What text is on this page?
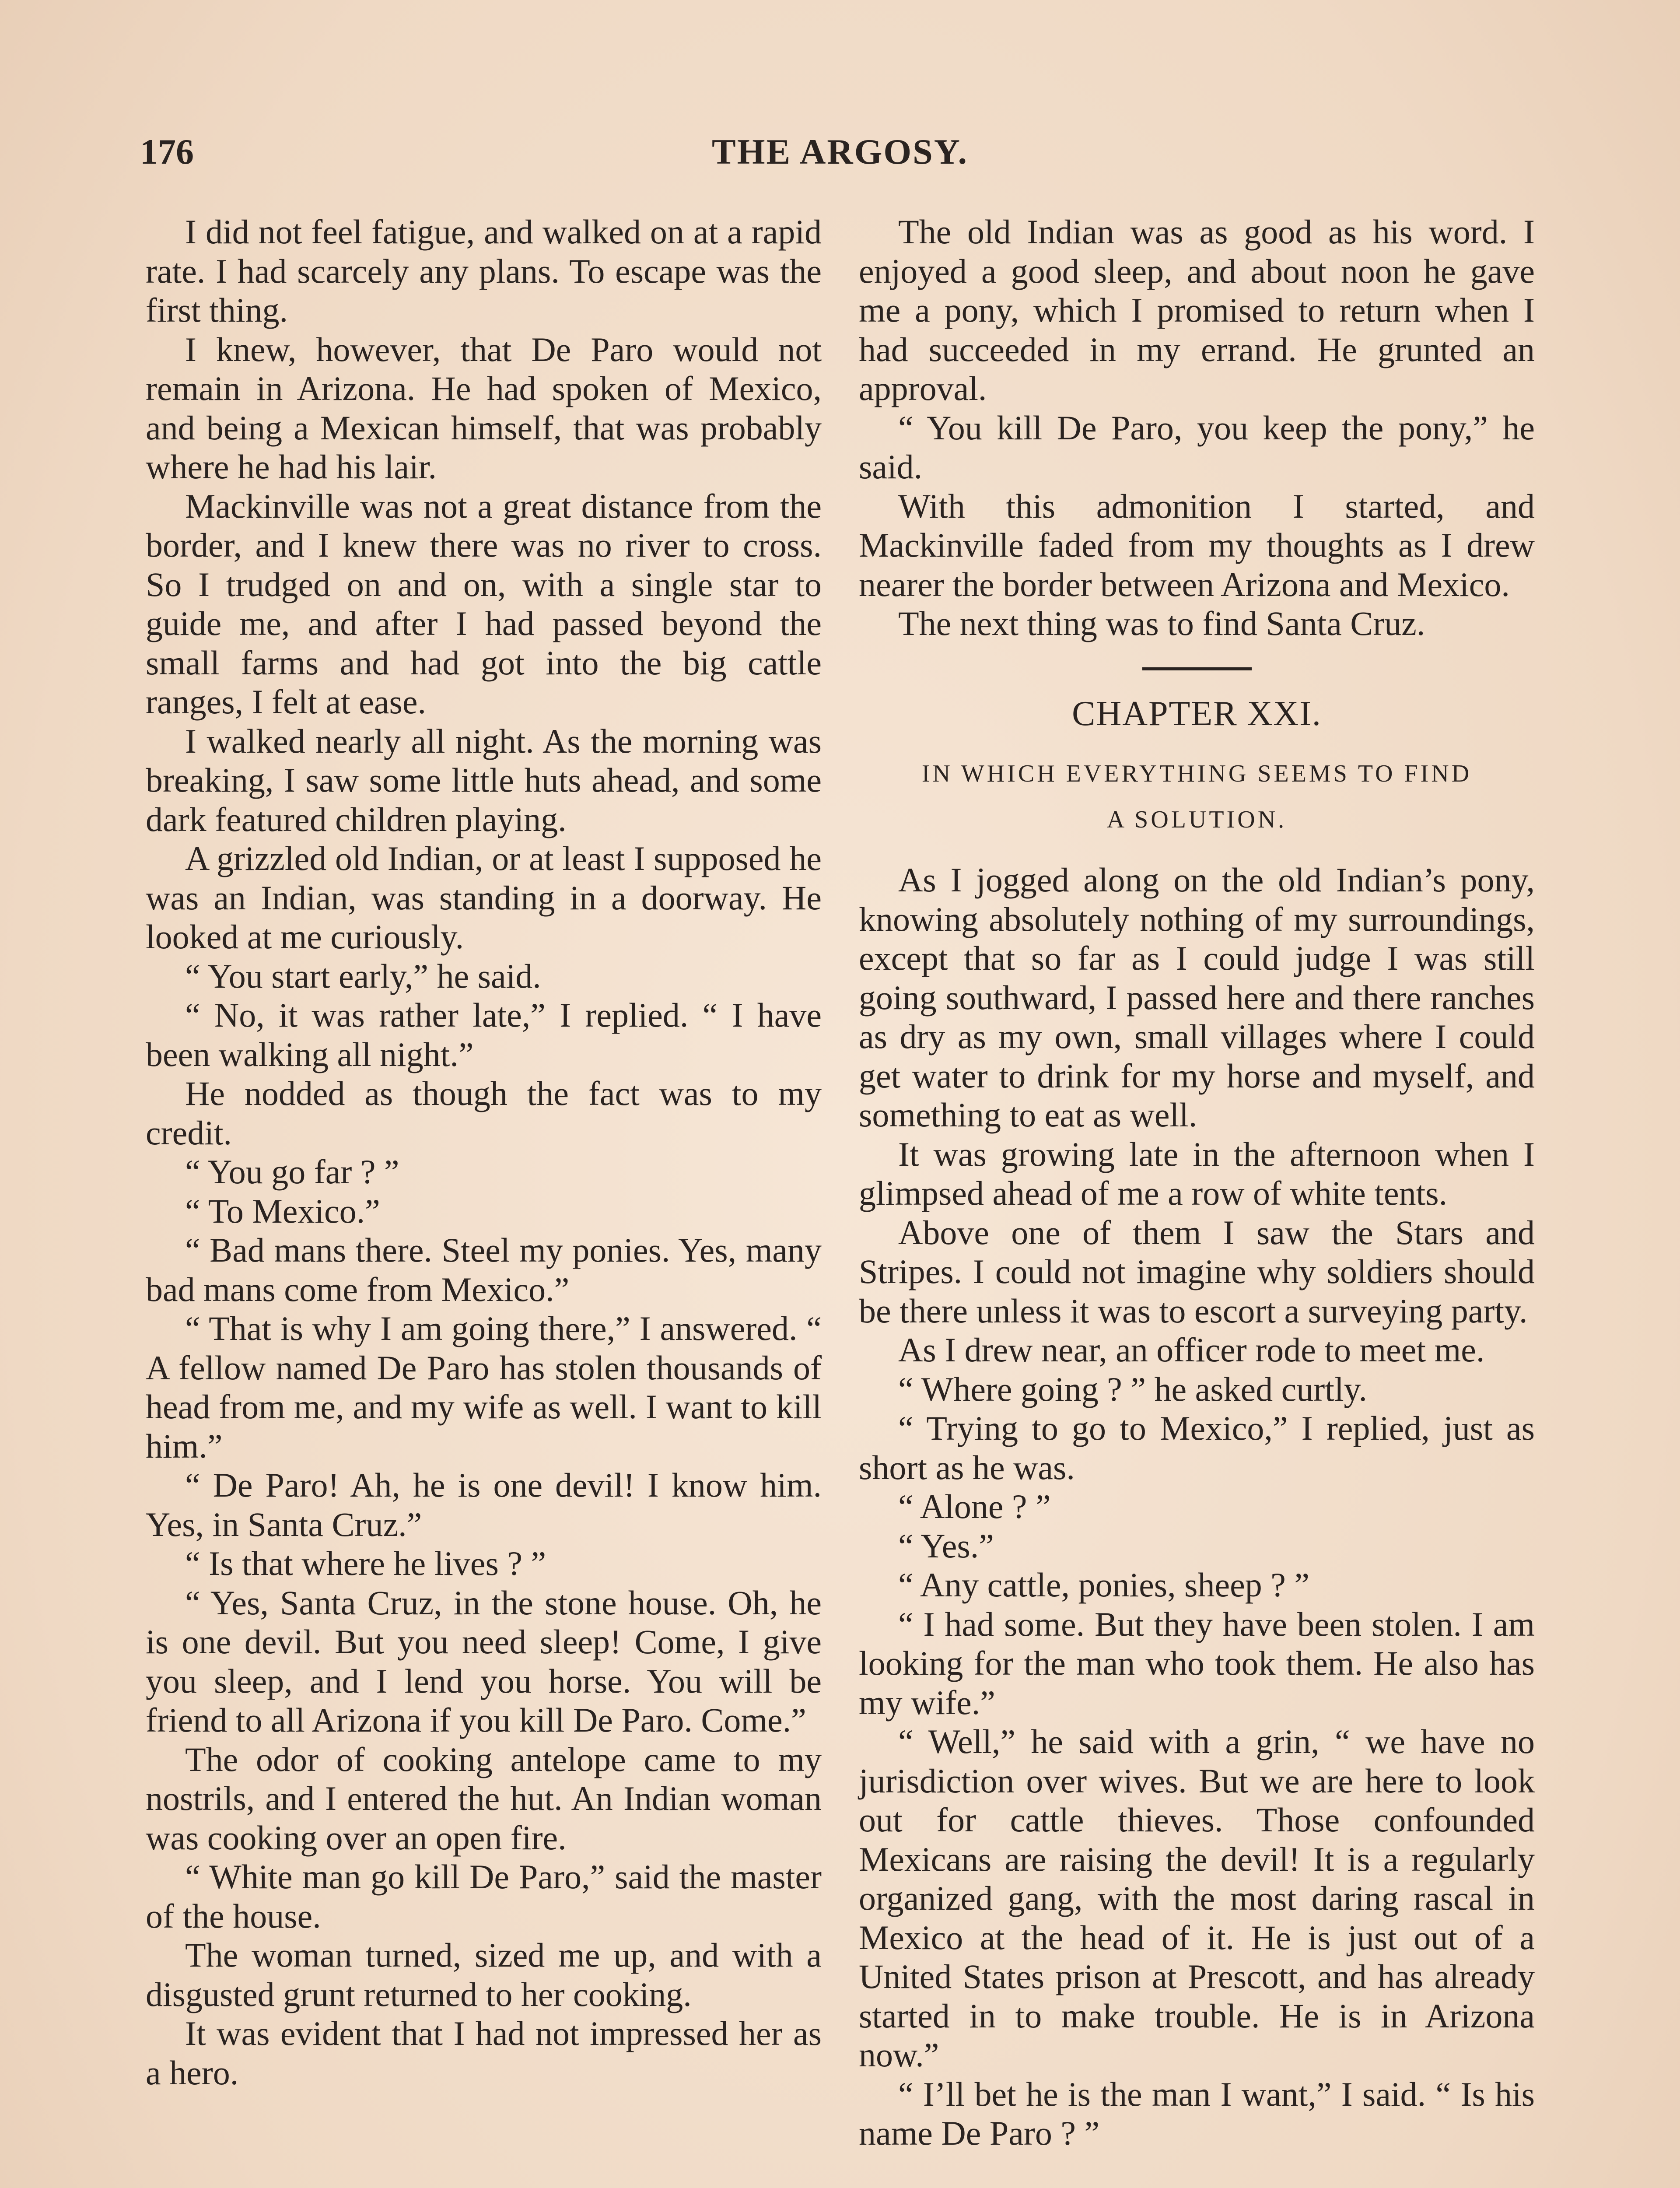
176	THE ARGOSY.

I did not feel fatigue, and walked on at a rapid rate. I had scarcely any plans. To escape was the first thing.

I knew, however, that De Paro would not remain in Arizona. He had spoken of Mexico, and being a Mexican himself, that was probably where he had his lair.

Mackinville was not a great distance from the border, and I knew there was no river to cross. So I trudged on and on, with a single star to guide me, and after I had passed beyond the small farms and had got into the big cattle ranges, I felt at ease.

I walked nearly all night. As the morning was breaking, I saw some little huts ahead, and some dark featured children playing.

A grizzled old Indian, or at least I supposed he was an Indian, was standing in a doorway. He looked at me curiously.

“ You start early,” he said.

“ No, it was rather late,” I replied. “ I have been walking all night.”

He nodded as though the fact was to my credit.

“ You go far ? ”

“ To Mexico.”

“ Bad mans there. Steel my ponies. Yes, many bad mans come from Mexico.”

“ That is why I am going there,” I answered. “ A fellow named De Paro has stolen thousands of head from me, and my wife as well. I want to kill him.”

“ De Paro! Ah, he is one devil! I know him. Yes, in Santa Cruz.”

“ Is that where he lives ? ”

“ Yes, Santa Cruz, in the stone house. Oh, he is one devil. But you need sleep! Come, I give you sleep, and I lend you horse. You will be friend to all Arizona if you kill De Paro. Come.”

The odor of cooking antelope came to my nostrils, and I entered the hut. An Indian woman was cooking over an open fire.

“ White man go kill De Paro,” said the master of the house.

The woman turned, sized me up, and with a disgusted grunt returned to her cooking.

It was evident that I had not impressed her as a hero.

The old Indian was as good as his word. I enjoyed a good sleep, and about noon he gave me a pony, which I promised to return when I had succeeded in my errand. He grunted an approval.

“ You kill De Paro, you keep the pony,” he said.

With this admonition I started, and Mackinville faded from my thoughts as I drew nearer the border between Arizona and Mexico.

The next thing was to find Santa Cruz.

CHAPTER XXI.
IN WHICH EVERYTHING SEEMS TO FIND
A SOLUTION.

As I jogged along on the old Indian’s pony, knowing absolutely nothing of my surroundings, except that so far as I could judge I was still going southward, I passed here and there ranches as dry as my own, small villages where I could get water to drink for my horse and myself, and something to eat as well.

It was growing late in the afternoon when I glimpsed ahead of me a row of white tents.

Above one of them I saw the Stars and Stripes. I could not imagine why soldiers should be there unless it was to escort a surveying party.

As I drew near, an officer rode to meet me.

“ Where going ? ” he asked curtly.

“ Trying to go to Mexico,” I replied, just as short as he was.

“ Alone ? ”

“ Yes.”

“ Any cattle, ponies, sheep ? ”

“ I had some. But they have been stolen. I am looking for the man who took them. He also has my wife.”

“ Well,” he said with a grin, “ we have no jurisdiction over wives. But we are here to look out for cattle thieves. Those confounded Mexicans are raising the devil! It is a regularly organized gang, with the most daring rascal in Mexico at the head of it. He is just out of a United States prison at Prescott, and has already started in to make trouble. He is in Arizona now.”

“ I’ll bet he is the man I want,” I said. “ Is his name De Paro ? ”
